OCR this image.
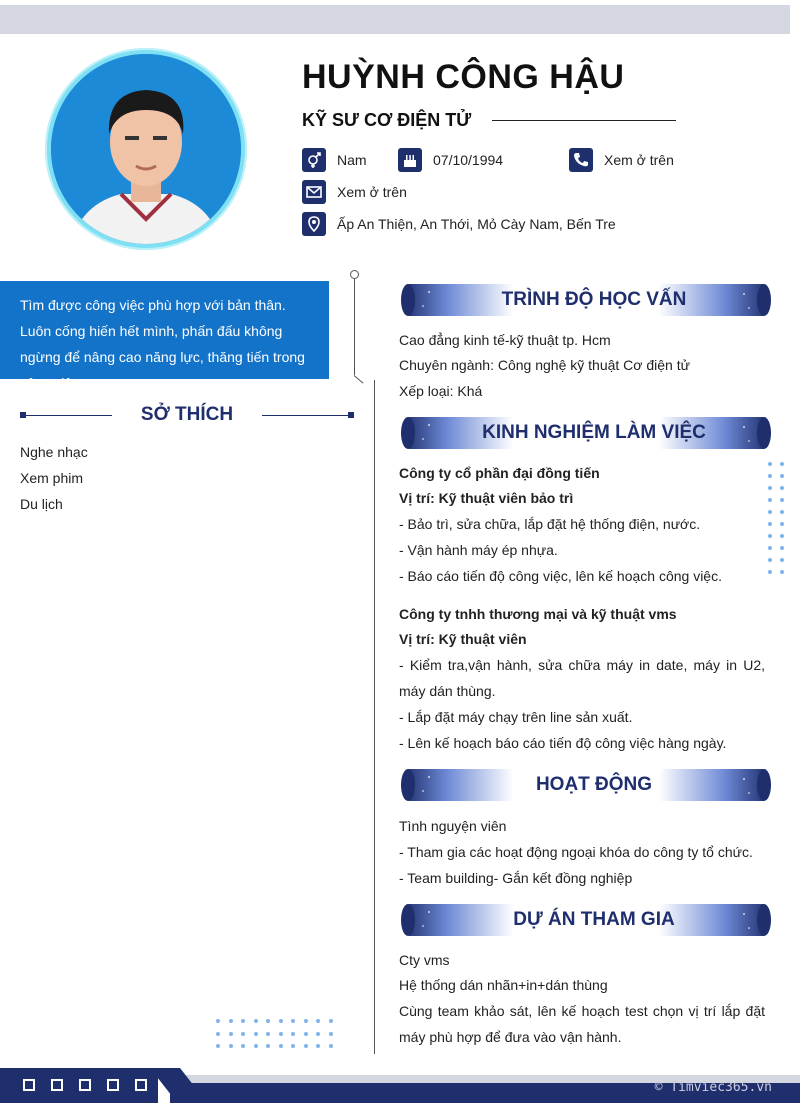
HUỲNH CÔNG HẬU
KỸ SƯ CƠ ĐIỆN TỬ
Nam	07/10/1994	Xem ở trên
Xem ở trên
Ấp An Thiện, An Thới, Mỏ Cày Nam, Bến Tre
Tìm được công việc phù hợp với bản thân. Luôn cống hiến hết mình, phấn đấu không ngừng để nâng cao năng lực, thăng tiến trong công việc.
SỞ THÍCH
Nghe nhạc
Xem phim
Du lịch
TRÌNH ĐỘ HỌC VẤN
Cao đẳng kinh tế-kỹ thuật tp. Hcm
Chuyên ngành: Công nghệ kỹ thuật Cơ điện tử
Xếp loại: Khá
KINH NGHIỆM LÀM VIỆC
Công ty cổ phần đại đồng tiến
Vị trí: Kỹ thuật viên bảo trì
- Bảo trì, sửa chữa, lắp đặt hệ thống điện, nước.
- Vận hành máy ép nhựa.
- Báo cáo tiến độ công việc, lên kế hoạch công việc.
Công ty tnhh thương mại và kỹ thuật vms
Vị trí: Kỹ thuật viên
- Kiểm tra,vận hành, sửa chữa máy in date, máy in U2, máy dán thùng.
- Lắp đặt máy chạy trên line sản xuất.
- Lên kế hoạch báo cáo tiến độ công việc hàng ngày.
HOẠT ĐỘNG
Tình nguyện viên
- Tham gia các hoạt động ngoại khóa do công ty tổ chức.
- Team building- Gắn kết đồng nghiệp
DỰ ÁN THAM GIA
Cty vms
Hệ thống dán nhãn+in+dán thùng
Cùng team khảo sát, lên kế hoạch test chọn vị trí lắp đặt máy phù hợp để đưa vào vận hành.
© Timviec365.vn
